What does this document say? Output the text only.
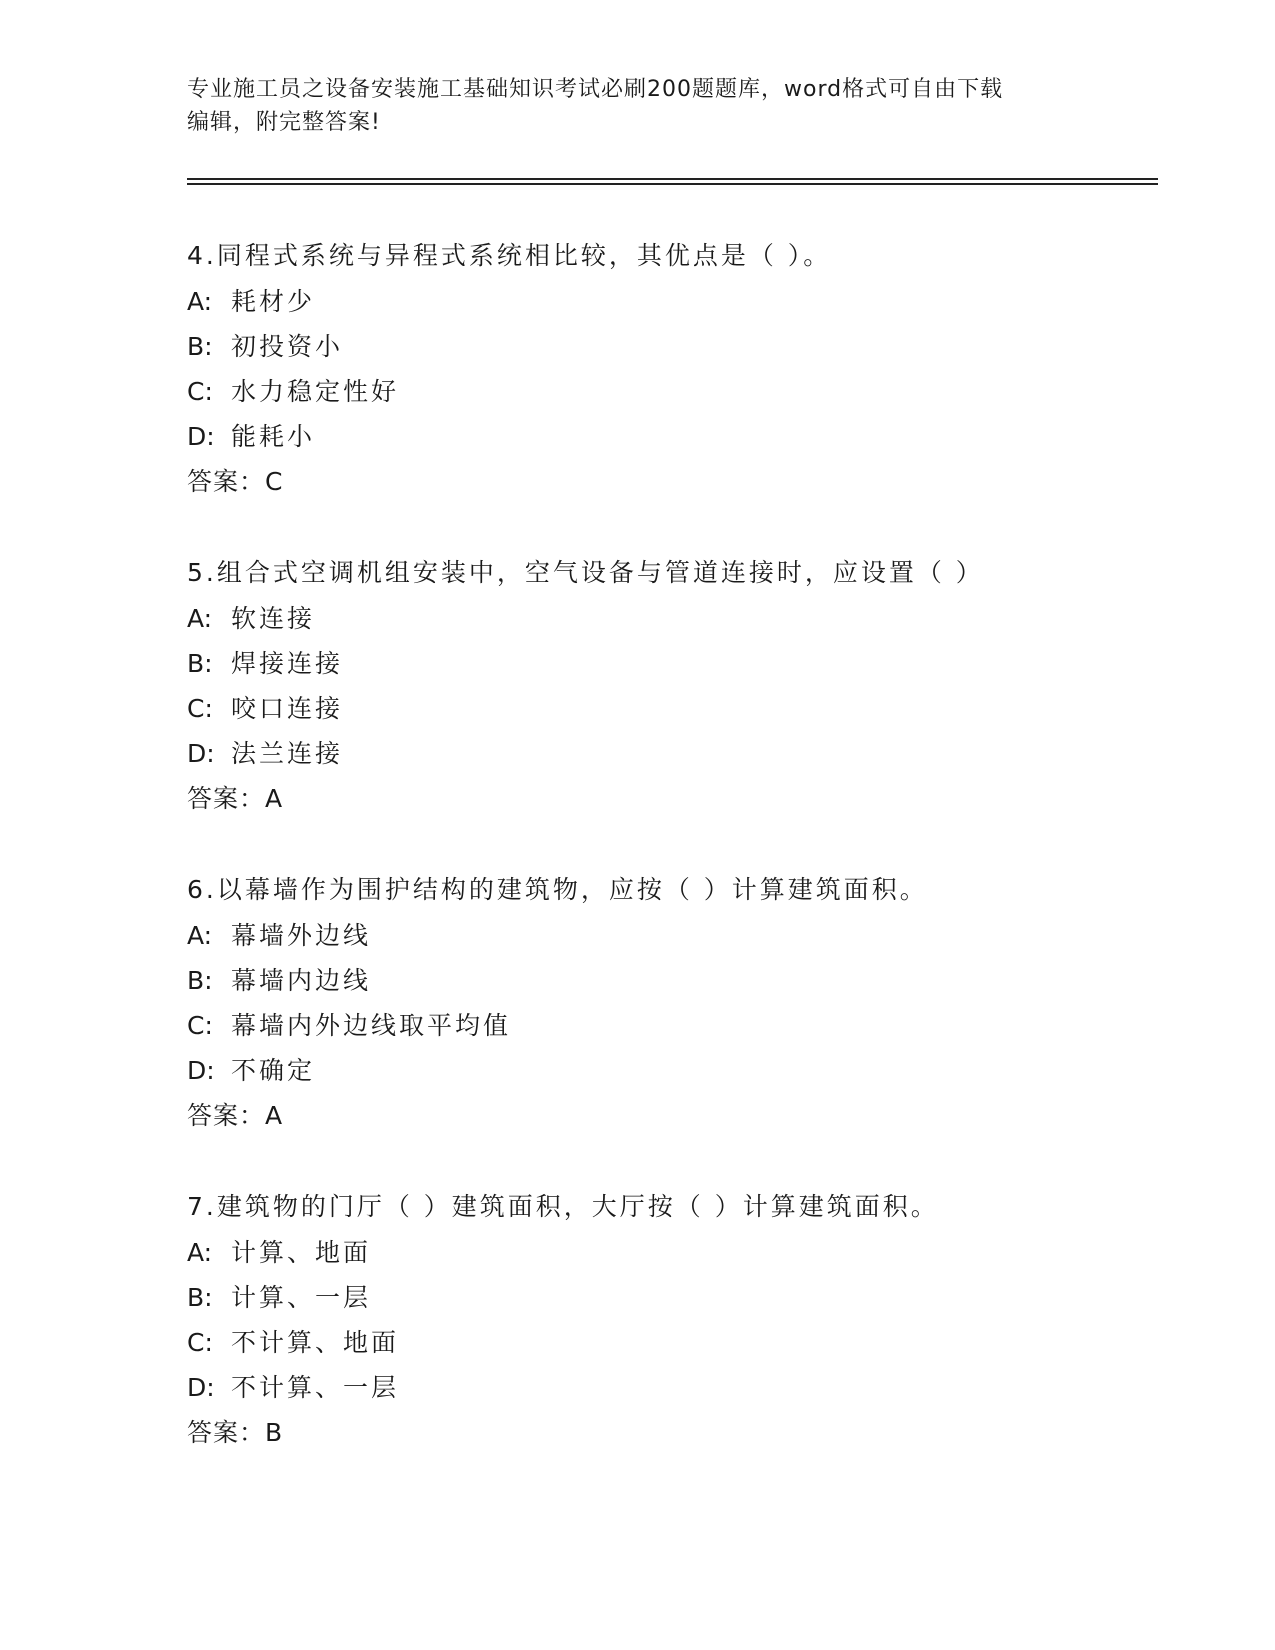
专业施工员之设备安装施工基础知识考试必刷200题题库，word格式可自由下载
编辑，附完整答案!
4.同程式系统与异程式系统相比较，其优点是（ ）。
A: 耗材少
B: 初投资小
C: 水力稳定性好
D: 能耗小
答案：C
5.组合式空调机组安装中，空气设备与管道连接时，应设置（ ）
A: 软连接
B: 焊接连接
C: 咬口连接
D: 法兰连接
答案：A
6.以幕墙作为围护结构的建筑物，应按（ ）计算建筑面积。
A: 幕墙外边线
B: 幕墙内边线
C: 幕墙内外边线取平均值
D: 不确定
答案：A
7.建筑物的门厅（ ）建筑面积，大厅按（ ）计算建筑面积。
A: 计算、地面
B: 计算、一层
C: 不计算、地面
D: 不计算、一层
答案：B
